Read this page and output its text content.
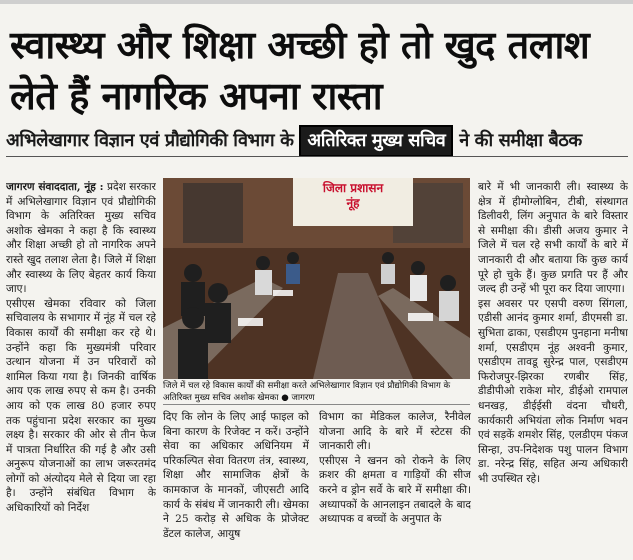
स्वास्थ्य और शिक्षा अच्छी हो तो खुद तलाश लेते हैं नागरिक अपना रास्ता
अभिलेखागार विज्ञान एवं प्रौद्योगिकी विभाग के अतिरिक्त मुख्य सचिव ने की समीक्षा बैठक

जागरण संवाददाता, नूंह : प्रदेश सरकार में अभिलेखागार विज्ञान एवं प्रौद्योगिकी विभाग के अतिरिक्त मुख्य सचिव अशोक खेमका ने कहा है कि स्वास्थ्य और शिक्षा अच्छी हो तो नागरिक अपने रास्ते खुद तलाश लेता है। जिले में शिक्षा और स्वास्थ्य के लिए बेहतर कार्य किया जाए।

एसीएस खेमका रविवार को जिला सचिवालय के सभागार में नूंह में चल रहे विकास कार्यों की समीक्षा कर रहे थे। उन्होंने कहा कि मुख्यमंत्री परिवार उत्थान योजना में उन परिवारों को शामिल किया गया है। जिनकी वार्षिक आय एक लाख रुपए से कम है। उनकी आय को एक लाख 80 हजार रुपए तक पहुंचाना प्रदेश सरकार का मुख्य लक्ष्य है। सरकार की ओर से तीन फेज में पात्रता निर्धारित की गई है और उसी अनुरूप योजनाओं का लाभ जरूरतमंद लोगों को अंत्योदय मेले से दिया जा रहा है। उन्होंने संबंधित विभाग के अधिकारियों को निर्देश

जिला प्रशासन
नूंह
जिले में चल रहे विकास कार्यों की समीक्षा करते अभिलेखागार विज्ञान एवं प्रौद्योगिकी विभाग के अतिरिक्त मुख्य सचिव अशोक खेमका ● जागरण

दिए कि लोन के लिए आई फाइल को बिना कारण के रिजेक्ट न करें। उन्होंने सेवा का अधिकार अधिनियम में परिकल्पित सेवा वितरण तंत्र, स्वास्थ्य, शिक्षा और सामाजिक क्षेत्रों के कामकाज के मानकों, जीएसटी आदि कार्य के संबंध में जानकारी ली। खेमका ने 25 करोड़ से अधिक के प्रोजेक्ट डेंटल कालेज, आयुष

विभाग का मेडिकल कालेज, रैनीवेल योजना आदि के बारे में स्टेटस की जानकारी ली।

एसीएस ने खनन को रोकने के लिए क्रशर की क्षमता व गाड़ियों की सीज करने व ड्रोन सर्वे के बारे में समीक्षा की। अध्यापकों के आनलाइन तबादले के बाद अध्यापक व बच्चों के अनुपात के

बारे में भी जानकारी ली। स्वास्थ्य के क्षेत्र में हीमोग्लोबिन, टीबी, संस्थागत डिलीवरी, लिंग अनुपात के बारे विस्तार से समीक्षा की। डीसी अजय कुमार ने जिले में चल रहे सभी कार्यों के बारे में जानकारी दी और बताया कि कुछ कार्य पूरे हो चुके हैं। कुछ प्रगति पर हैं और जल्द ही उन्हें भी पूरा कर दिया जाएगा।

इस अवसर पर एसपी वरुण सिंगला, एडीसी आनंद कुमार शर्मा, डीएमसी डा. सुभिता ढाका, एसडीएम पुनहाना मनीषा शर्मा, एसडीएम नूंह अश्वनी कुमार, एसडीएम तावडू सुरेन्द्र पाल, एसडीएम फिरोजपुर-झिरका रणबीर सिंह, डीडीपीओ राकेश मोर, डीईओ रामपाल धनखड़, डीईईसी वंदना चौधरी, कार्यकारी अभियंता लोक निर्माण भवन एवं सड़कें शमशेर सिंह, एलडीएम पंकज सिन्हा, उप-निदेशक पशु पालन विभाग डा. नरेन्द्र सिंह, सहित अन्य अधिकारी भी उपस्थित रहे।
